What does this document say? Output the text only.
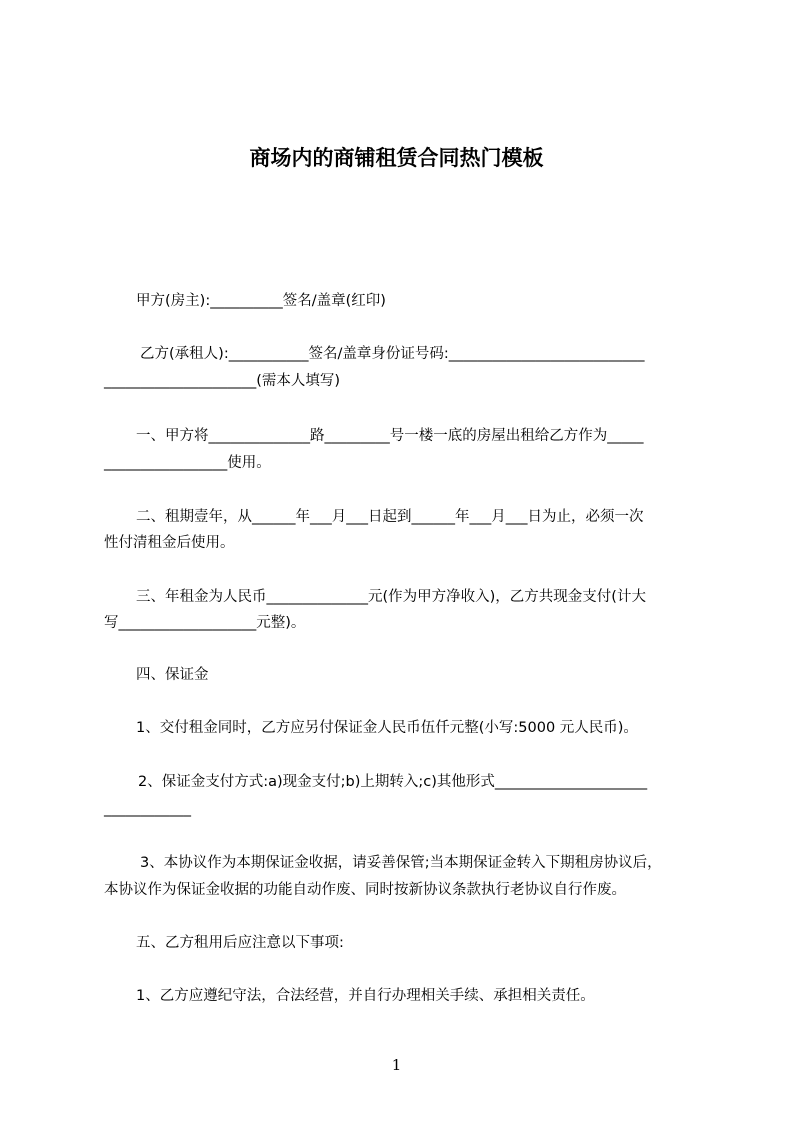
商场内的商铺租赁合同热门模板
甲方(房主):__________签名/盖章(红印)
乙方(承租人):___________签名/盖章身份证号码:___________________________
_____________________(需本人填写)
一、甲方将______________路_________号一楼一底的房屋出租给乙方作为_____
_________________使用。
二、租期壹年，从______年___月___日起到______年___月___日为止，必须一次
性付清租金后使用。
三、年租金为人民币______________元(作为甲方净收入)，乙方共现金支付(计大
写___________________元整)。
四、保证金
1、交付租金同时，乙方应另付保证金人民币伍仟元整(小写:5000 元人民币)。
2、保证金支付方式:a)现金支付;b)上期转入;c)其他形式_____________________
____________
3、本协议作为本期保证金收据，请妥善保管;当本期保证金转入下期租房协议后，
本协议作为保证金收据的功能自动作废、同时按新协议条款执行老协议自行作废。
五、乙方租用后应注意以下事项:
1、乙方应遵纪守法，合法经营，并自行办理相关手续、承担相关责任。
1
